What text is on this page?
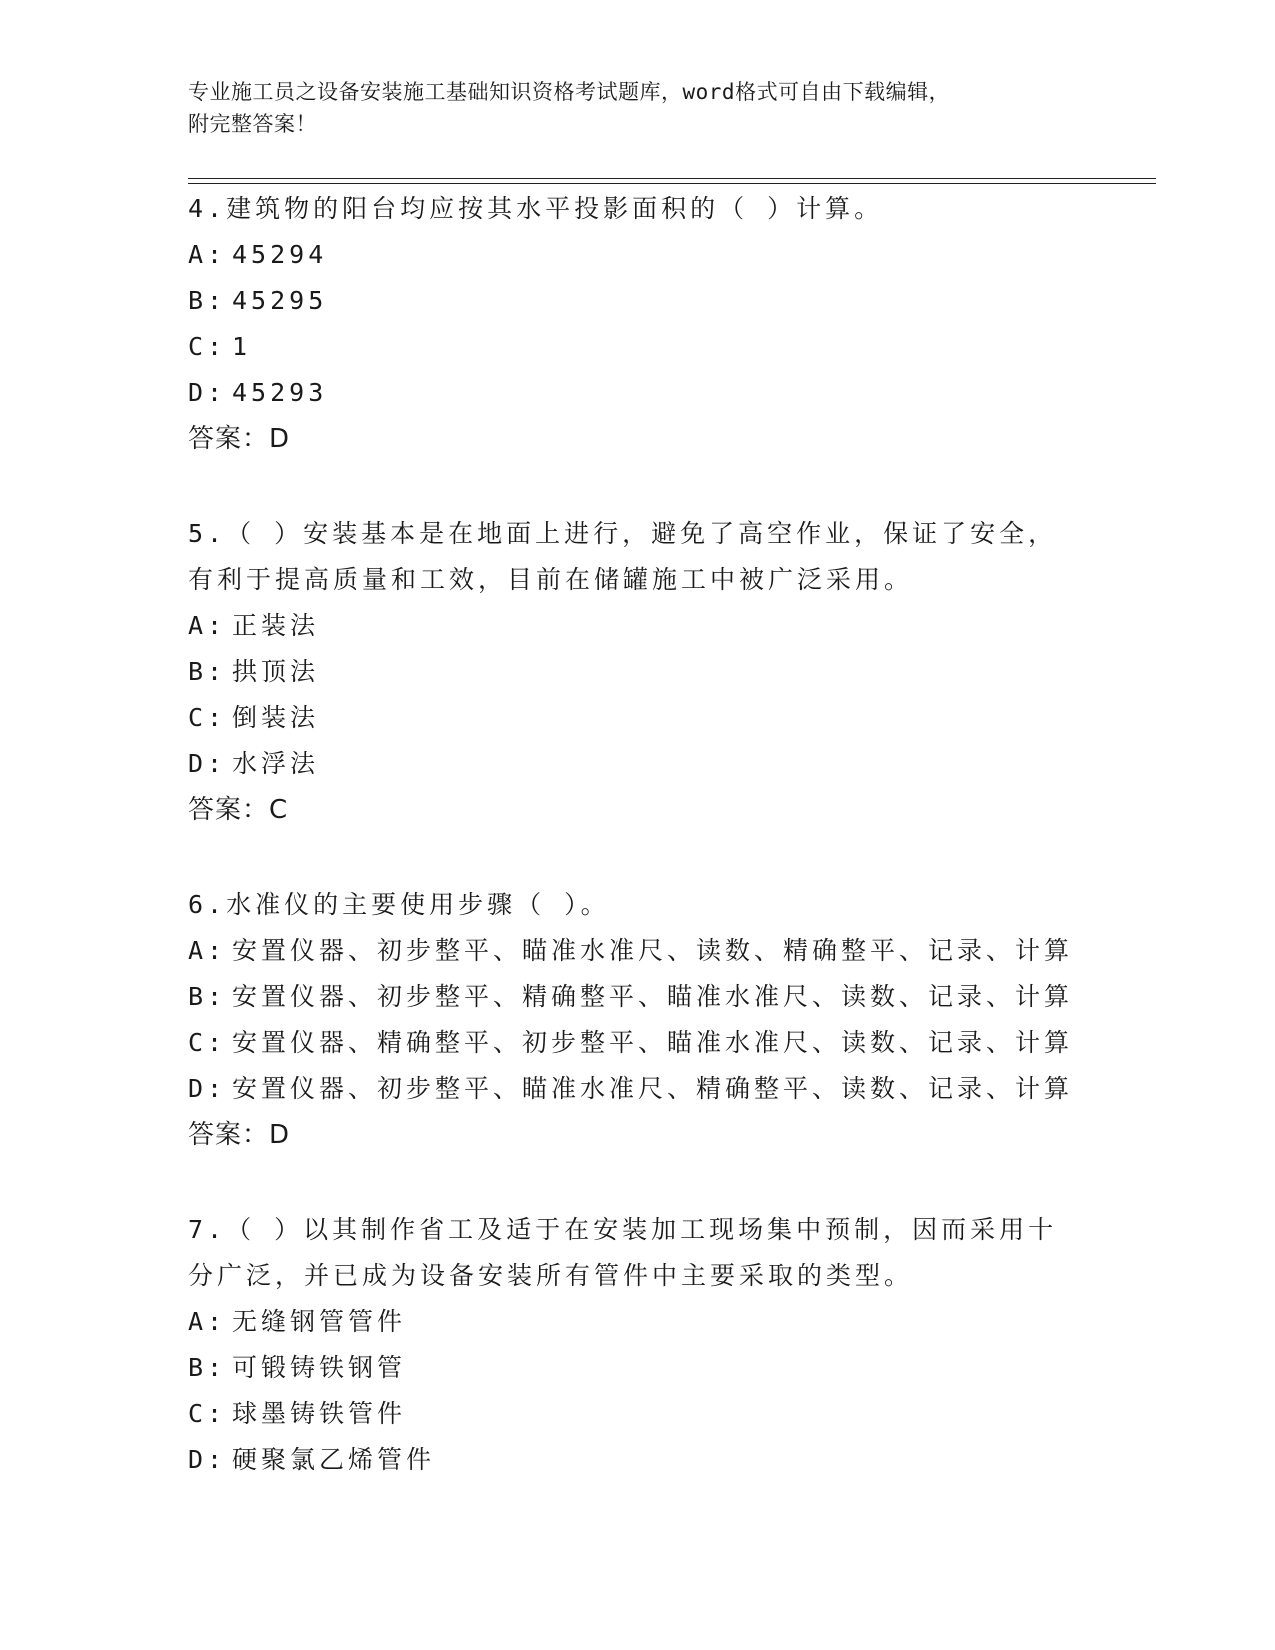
专业施工员之设备安装施工基础知识资格考试题库，word格式可自由下载编辑，
附完整答案！
4.建筑物的阳台均应按其水平投影面积的（ ）计算。
A: 45294
B: 45295
C: 1
D: 45293
答案：D
5.（ ）安装基本是在地面上进行，避免了高空作业，保证了安全，有利于提高质量和工效，目前在储罐施工中被广泛采用。
A: 正装法
B: 拱顶法
C: 倒装法
D: 水浮法
答案：C
6.水准仪的主要使用步骤（ ）。
A: 安置仪器、初步整平、瞄准水准尺、读数、精确整平、记录、计算
B: 安置仪器、初步整平、精确整平、瞄准水准尺、读数、记录、计算
C: 安置仪器、精确整平、初步整平、瞄准水准尺、读数、记录、计算
D: 安置仪器、初步整平、瞄准水准尺、精确整平、读数、记录、计算
答案：D
7.（ ）以其制作省工及适于在安装加工现场集中预制，因而采用十分广泛，并已成为设备安装所有管件中主要采取的类型。
A: 无缝钢管管件
B: 可锻铸铁钢管
C: 球墨铸铁管件
D: 硬聚氯乙烯管件
